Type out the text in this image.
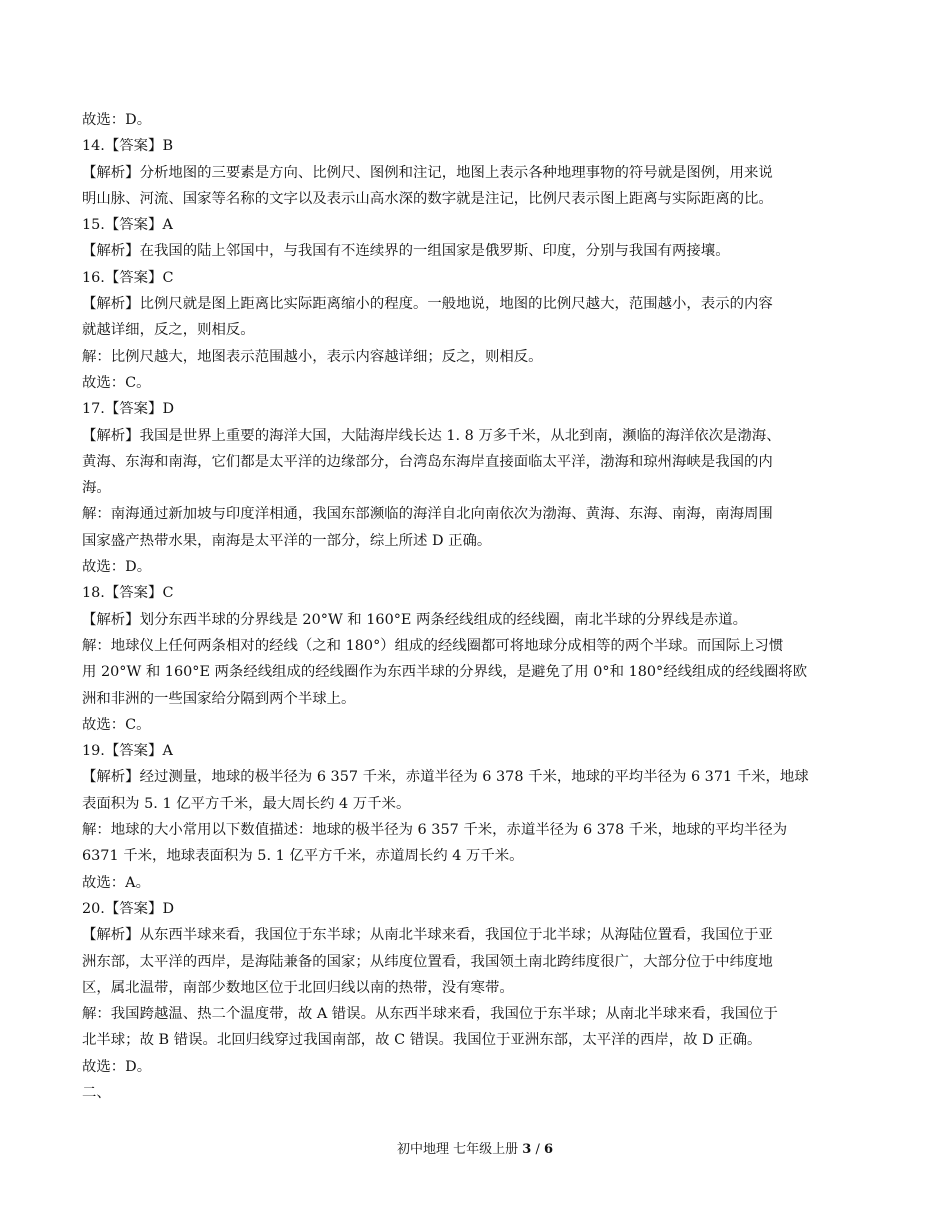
故选：D。
14.【答案】B
【解析】分析地图的三要素是方向、比例尺、图例和注记，地图上表示各种地理事物的符号就是图例，用来说
明山脉、河流、国家等名称的文字以及表示山高水深的数字就是注记，比例尺表示图上距离与实际距离的比。
15.【答案】A
【解析】在我国的陆上邻国中，与我国有不连续界的一组国家是俄罗斯、印度，分别与我国有两接壤。
16.【答案】C
【解析】比例尺就是图上距离比实际距离缩小的程度。一般地说，地图的比例尺越大，范围越小，表示的内容
就越详细，反之，则相反。
解：比例尺越大，地图表示范围越小，表示内容越详细；反之，则相反。
故选：C。
17.【答案】D
【解析】我国是世界上重要的海洋大国，大陆海岸线长达 1. 8 万多千米，从北到南，濒临的海洋依次是渤海、
黄海、东海和南海，它们都是太平洋的边缘部分，台湾岛东海岸直接面临太平洋，渤海和琼州海峡是我国的内
海。
解：南海通过新加坡与印度洋相通，我国东部濒临的海洋自北向南依次为渤海、黄海、东海、南海，南海周围
国家盛产热带水果，南海是太平洋的一部分，综上所述 D 正确。
故选：D。
18.【答案】C
【解析】划分东西半球的分界线是 20°W 和 160°E 两条经线组成的经线圈，南北半球的分界线是赤道。
解：地球仪上任何两条相对的经线（之和 180°）组成的经线圈都可将地球分成相等的两个半球。而国际上习惯
用 20°W 和 160°E 两条经线组成的经线圈作为东西半球的分界线，是避免了用 0°和 180°经线组成的经线圈将欧
洲和非洲的一些国家给分隔到两个半球上。
故选：C。
19.【答案】A
【解析】经过测量，地球的极半径为 6 357 千米，赤道半径为 6 378 千米，地球的平均半径为 6 371 千米，地球
表面积为 5. 1 亿平方千米，最大周长约 4 万千米。
解：地球的大小常用以下数值描述：地球的极半径为 6 357 千米，赤道半径为 6 378 千米，地球的平均半径为
6371 千米，地球表面积为 5. 1 亿平方千米，赤道周长约 4 万千米。
故选：A。
20.【答案】D
【解析】从东西半球来看，我国位于东半球；从南北半球来看，我国位于北半球；从海陆位置看，我国位于亚
洲东部，太平洋的西岸，是海陆兼备的国家；从纬度位置看，我国领土南北跨纬度很广，大部分位于中纬度地
区，属北温带，南部少数地区位于北回归线以南的热带，没有寒带。
解：我国跨越温、热二个温度带，故 A 错误。从东西半球来看，我国位于东半球；从南北半球来看，我国位于
北半球；故 B 错误。北回归线穿过我国南部，故 C 错误。我国位于亚洲东部，太平洋的西岸，故 D 正确。
故选：D。
二、
初中地理 七年级上册 3 / 6
